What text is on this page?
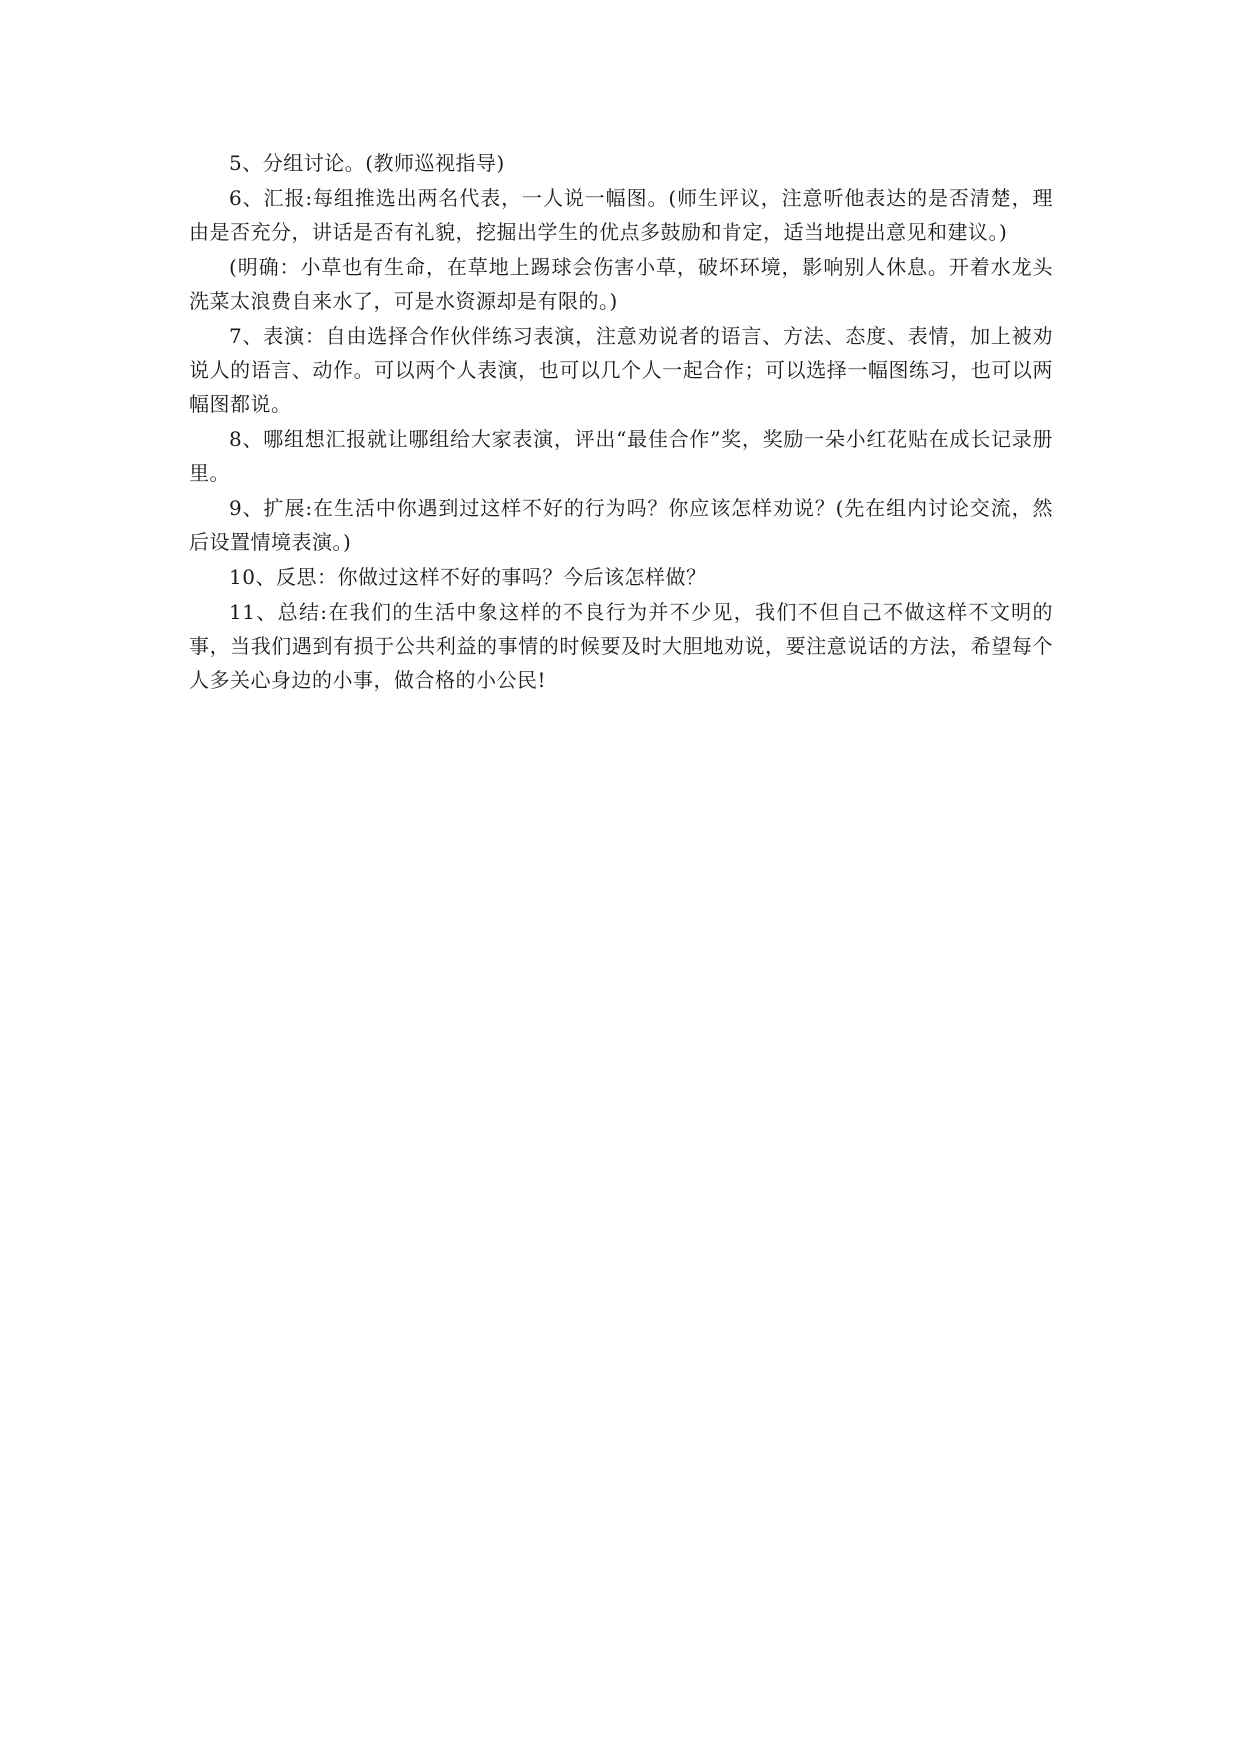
5、分组讨论。(教师巡视指导)

6、汇报:每组推选出两名代表，一人说一幅图。(师生评议，注意听他表达的是否清楚，理由是否充分，讲话是否有礼貌，挖掘出学生的优点多鼓励和肯定，适当地提出意见和建议。)

(明确：小草也有生命，在草地上踢球会伤害小草，破坏环境，影响别人休息。开着水龙头洗菜太浪费自来水了，可是水资源却是有限的。)

7、表演：自由选择合作伙伴练习表演，注意劝说者的语言、方法、态度、表情，加上被劝说人的语言、动作。可以两个人表演，也可以几个人一起合作；可以选择一幅图练习，也可以两幅图都说。

8、哪组想汇报就让哪组给大家表演，评出“最佳合作”奖，奖励一朵小红花贴在成长记录册里。

9、扩展:在生活中你遇到过这样不好的行为吗？你应该怎样劝说？(先在组内讨论交流，然后设置情境表演。)

10、反思：你做过这样不好的事吗？今后该怎样做？

11、总结:在我们的生活中象这样的不良行为并不少见，我们不但自己不做这样不文明的事，当我们遇到有损于公共利益的事情的时候要及时大胆地劝说，要注意说话的方法，希望每个人多关心身边的小事，做合格的小公民!
